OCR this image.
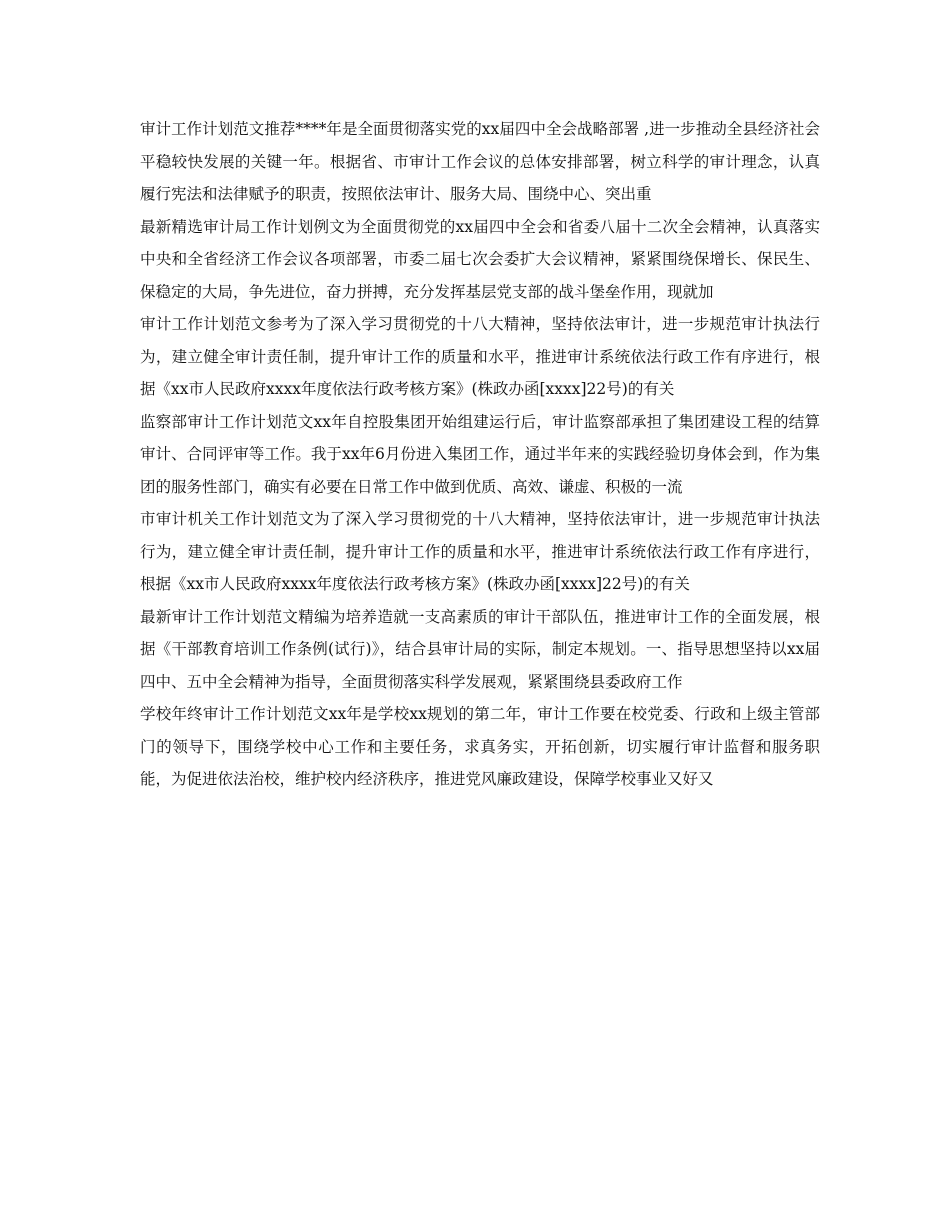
审计工作计划范文推荐****年是全面贯彻落实党的xx届四中全会战略部署 ,进一步推动全县经济社会平稳较快发展的关键一年。根据省、市审计工作会议的总体安排部署，树立科学的审计理念，认真履行宪法和法律赋予的职责，按照依法审计、服务大局、围绕中心、突出重

最新精选审计局工作计划例文为全面贯彻党的xx届四中全会和省委八届十二次全会精神，认真落实中央和全省经济工作会议各项部署，市委二届七次会委扩大会议精神，紧紧围绕保增长、保民生、保稳定的大局，争先进位，奋力拼搏，充分发挥基层党支部的战斗堡垒作用，现就加

审计工作计划范文参考为了深入学习贯彻党的十八大精神，坚持依法审计，进一步规范审计执法行为，建立健全审计责任制，提升审计工作的质量和水平，推进审计系统依法行政工作有序进行，根据《xx市人民政府xxxx年度依法行政考核方案》(株政办函[xxxx]22号)的有关

监察部审计工作计划范文xx年自控股集团开始组建运行后，审计监察部承担了集团建设工程的结算审计、合同评审等工作。我于xx年6月份进入集团工作，通过半年来的实践经验切身体会到，作为集团的服务性部门，确实有必要在日常工作中做到优质、高效、谦虚、积极的一流

市审计机关工作计划范文为了深入学习贯彻党的十八大精神，坚持依法审计，进一步规范审计执法行为，建立健全审计责任制，提升审计工作的质量和水平，推进审计系统依法行政工作有序进行，根据《xx市人民政府xxxx年度依法行政考核方案》(株政办函[xxxx]22号)的有关

最新审计工作计划范文精编为培养造就一支高素质的审计干部队伍，推进审计工作的全面发展，根据《干部教育培训工作条例(试行)》，结合县审计局的实际，制定本规划。一、指导思想坚持以xx届四中、五中全会精神为指导，全面贯彻落实科学发展观，紧紧围绕县委政府工作

学校年终审计工作计划范文xx年是学校xx规划的第二年，审计工作要在校党委、行政和上级主管部门的领导下，围绕学校中心工作和主要任务，求真务实，开拓创新，切实履行审计监督和服务职能，为促进依法治校，维护校内经济秩序，推进党风廉政建设，保障学校事业又好又
